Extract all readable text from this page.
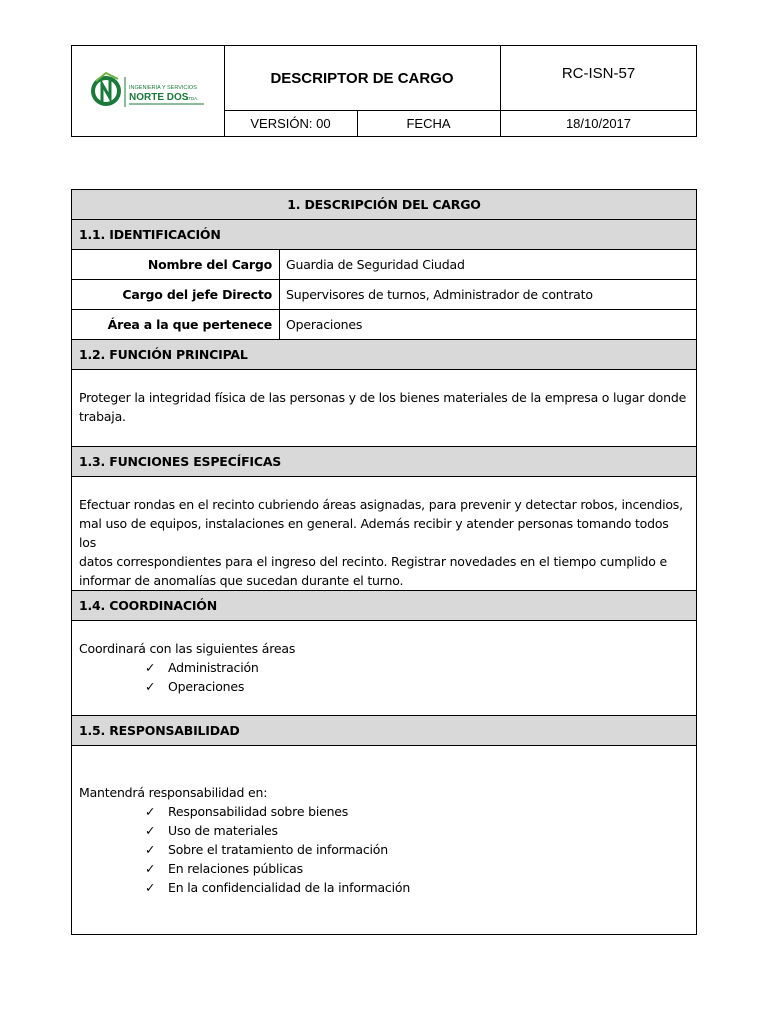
INGENIERIA Y SERVICIOS
NORTE DOS
LTDA.
DESCRIPTOR DE CARGO	RC-ISN-57
VERSIÓN: 00	FECHA	18/10/2017
1. DESCRIPCIÓN DEL CARGO
1.1. IDENTIFICACIÓN
Nombre del Cargo	Guardia de Seguridad Ciudad
Cargo del jefe Directo	Supervisores de turnos, Administrador de contrato
Área a la que pertenece	Operaciones
1.2. FUNCIÓN PRINCIPAL
Proteger la integridad física de las personas y de los bienes materiales de la empresa o lugar donde
trabaja.
1.3. FUNCIONES ESPECÍFICAS
Efectuar rondas en el recinto cubriendo áreas asignadas, para prevenir y detectar robos, incendios,
mal uso de equipos, instalaciones en general. Además recibir y atender personas tomando todos los
datos correspondientes para el ingreso del recinto. Registrar novedades en el tiempo cumplido e
informar de anomalías que sucedan durante el turno.
1.4. COORDINACIÓN
Coordinará con las siguientes áreas
✓ Administración
✓ Operaciones
1.5. RESPONSABILIDAD
Mantendrá responsabilidad en:
✓ Responsabilidad sobre bienes
✓ Uso de materiales
✓ Sobre el tratamiento de información
✓ En relaciones públicas
✓ En la confidencialidad de la información
